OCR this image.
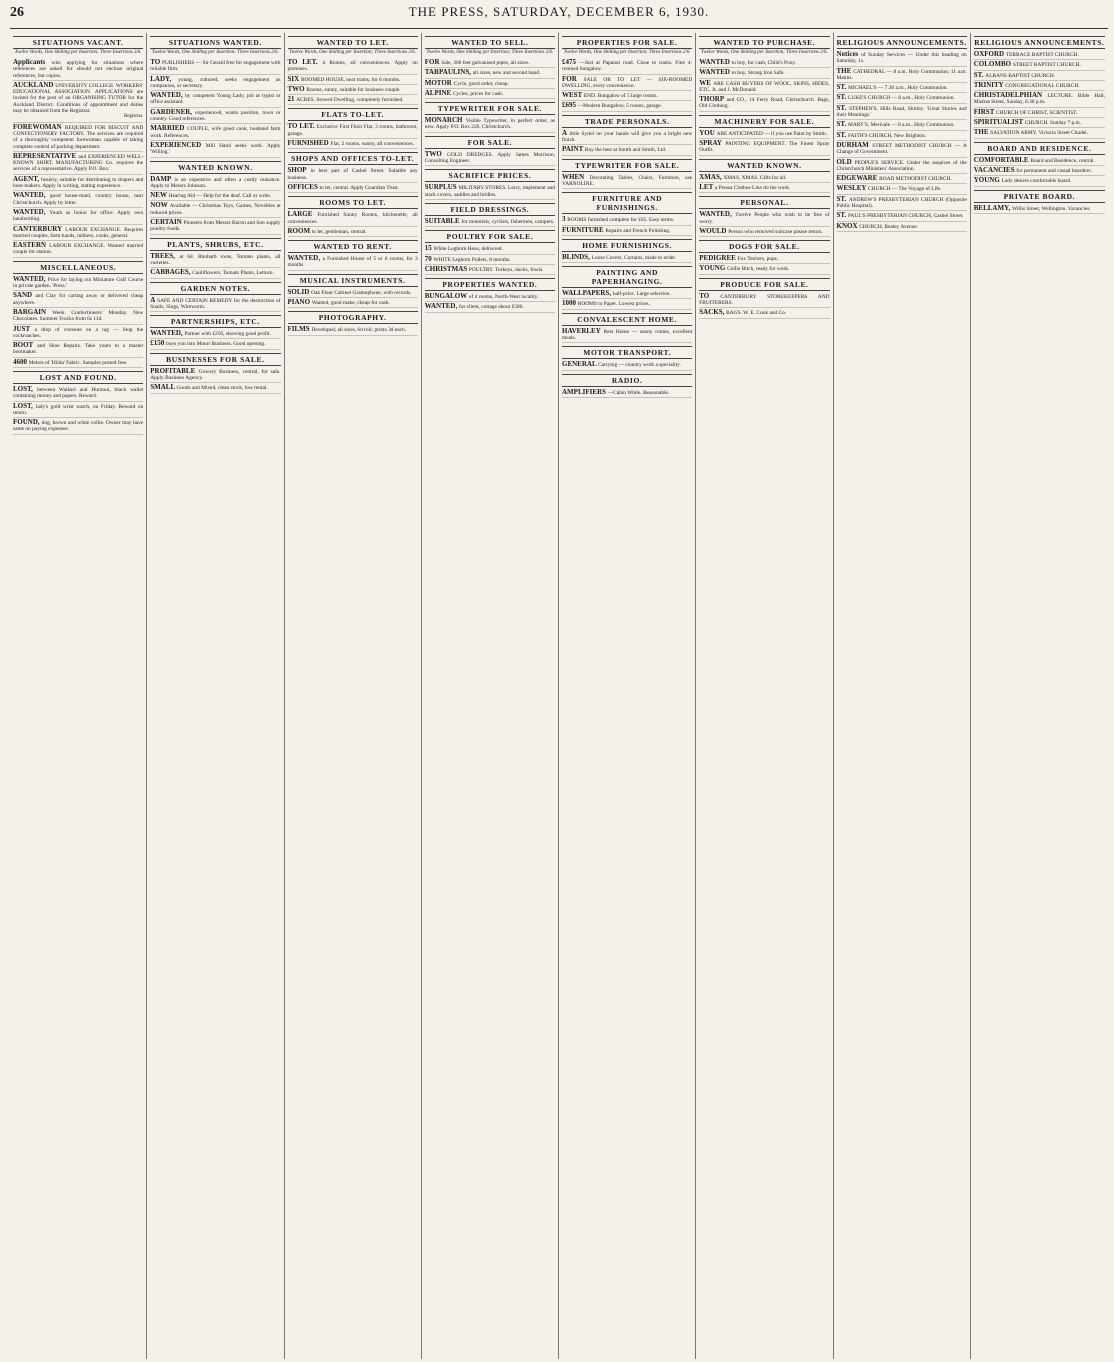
26	THE PRESS, SATURDAY, DECEMBER 6, 1930.
SITUATIONS VACANT.
Twelve Words, One Shilling per Insertion; Three Insertions 2/6.

Applicants who applying for situations where references are asked for should not enclose original references, but copies.

AUCKLAND UNIVERSITY COLLEGE. WORKERS' EDUCATIONAL ASSOCIATION. APPLICATIONS are invited for the post of an ORGANISING TUTOR for the Auckland District. Conditions of appointment and duties may be obtained from the Registrar.
Registrar.

FOREWOMAN REQUIRED FOR BISCUIT AND CONFECTIONERY FACTORY. The services are required of a thoroughly competent forewoman capable of taking complete control of packing department.

REPRESENTATIVE and EXPERIENCED WELL-KNOWN SHIRT, MANUFACTURING Co. requires the services of a representative. Apply P.O. Box.

AGENT, hosiery, suitable for distributing to drapers and boot-makers. Apply in writing, stating experience.

WANTED, good house-maid, country house, near Christchurch. Apply by letter.

WANTED, Youth as Junior for office. Apply own handwriting.

CANTERBURY LABOUR EXCHANGE. Requires married couples, farm hands, milkers, cooks, general.

EASTERN LABOUR EXCHANGE. Wanted married couple for station.

MISCELLANEOUS.

WANTED, Price for laying out Miniature Golf Course in private garden. 'Press.'

SAND and Clay for carting away or delivered cheap anywhere.

BARGAIN Week. Confectioners' Monday. New Chocolates. Summer Frocks from 6s 11d.

JUST a drop of creosote on a rag — Stop the cockroaches.

BOOT and Shoe Repairs. Take yours to a master bootmaker.

4600 Metres of 'Hilda' Fabric. Samples posted free.

LOST AND FOUND.

LOST, between Waikari and Hurunui, black wallet containing money and papers. Reward.

LOST, lady's gold wrist watch, on Friday. Reward on return.

FOUND, dog, brown and white collie. Owner may have same on paying expenses.

SITUATIONS WANTED.
Twelve Words, One Shilling per Insertion; Three Insertions 2/6.

TO PUBLISHERS — Sir Gerald free for engagement with reliable firm.

LADY, young, cultured, seeks engagement as companion, or secretary.

WANTED, by competent Young Lady, job as typist or office assistant.

GARDENER, experienced, wants position, town or country. Good references.

MARRIED COUPLE, wife good cook, husband farm work. References.

EXPERIENCED Mill Hand seeks work. Apply 'Willing.'

WANTED KNOWN.

DAMP is an expensive and often a costly nuisance. Apply to Messrs Johnson.

NEW Hearing Aid — Help for the deaf. Call or write.

NOW Available — Christmas Toys, Games, Novelties at reduced prices.

CERTAIN Pioneers from Messrs Bacon and Son supply poultry foods.

PLANTS, SHRUBS, ETC.

TREES, at 6d. Rhubarb roots, Tomato plants, all varieties.

CABBAGES, Cauliflowers, Tomato Plants, Lettuce.

GARDEN NOTES.

A SAFE AND CERTAIN REMEDY for the destruction of Snails, Slugs, Wireworm.

PARTNERSHIPS, ETC.

WANTED, Partner with £250, showing good profit.

£150 buys you into Motor Business. Good opening.

BUSINESSES FOR SALE.

PROFITABLE Grocery Business, central, for sale. Apply Business Agency.

SMALL Goods and Mixed, clean stock, low rental.

WANTED TO LET.
Twelve Words, One Shilling per Insertion; Three Insertions 2/6.

TO LET. 4 Rooms, all conveniences. Apply on premises.

SIX ROOMED HOUSE, near trams, for 6 months.

TWO Rooms, sunny, suitable for business couple.

21 ACRES, Stowed Dwelling, completely furnished.

FLATS TO-LET.

TO LET. Exclusive First Floor Flat, 3 rooms, bathroom, garage.

FURNISHED Flat, 2 rooms, sunny, all conveniences.

SHOPS AND OFFICES TO-LET.

SHOP in best part of Cashel Street. Suitable any business.

OFFICES to let, central. Apply Guardian Trust.

ROOMS TO LET.

LARGE Furnished Sunny Rooms, kitchenette, all conveniences.

ROOM to let, gentleman, central.

WANTED TO RENT.

WANTED, a Furnished House of 5 or 6 rooms, for 3 months.

MUSICAL INSTRUMENTS.

SOLID Oak Floor Cabinet Gramophone, with records.

PIANO Wanted, good make, cheap for cash.

PHOTOGRAPHY.

FILMS Developed, all sizes, 6d roll; prints 3d each.

WANTED TO SELL.
Twelve Words, One Shilling per Insertion; Three Insertions 2/6.

FOR Sale, 300 feet galvanised pipes, all sizes.

TARPAULINS, all sizes, new and second hand.

MOTOR Cycle, good order, cheap.

ALPINE Cycles, prices for cash.

TYPEWRITER FOR SALE.

MONARCH Visible Typewriter, in perfect order, as new. Apply P.O. Box 226, Christchurch.

FOR SALE.

TWO GOLD DREDGES. Apply James Morrison, Consulting Engineer.

SACRIFICE PRICES.

SURPLUS MILITARY STORES. Lorry, implement and stack covers, saddles and bridles.

FIELD DRESSINGS.

SUITABLE for motorists, cyclists, fishermen, campers.

POULTRY FOR SALE.

15 White Leghorn Hens, delivered.

70 WHITE Leghorn Pullets, 8 months.

CHRISTMAS POULTRY. Turkeys, ducks, fowls.

PROPERTIES WANTED.

BUNGALOW of 4 rooms, North-West locality.

WANTED, for client, cottage about £500.

PROPERTIES FOR SALE.
Twelve Words, One Shilling per Insertion; Three Insertions 2/6.

£475 —Just at Papanui road. Close to trams. Fine 4-roomed bungalow.

FOR SALE OR TO LET — SIX-ROOMED DWELLING, every convenience.

WEST END. Bungalow of 5 large rooms.

£695 —Modern Bungalow, 5 rooms, garage.

TRADE PERSONALS.

A little Sydol on your hands will give you a bright new finish.

PAINT Buy the best at Smith and Smith, Ltd.

TYPEWRITER FOR SALE.

WHEN Decorating Tables, Chairs, Furniture, use VARNOLINE.

FURNITURE AND FURNISHINGS.

3 ROOMS furnished complete for £65. Easy terms.

FURNITURE Repairs and French Polishing.

HOME FURNISHINGS.

BLINDS, Loose Covers, Curtains, made to order.

PAINTING AND PAPERHANGING.

WALLPAPERS, half-price. Large selection.

1000 ROOMS to Paper. Lowest prices.

CONVALESCENT HOME.

HAVERLEY Rest Home — sunny rooms, excellent meals.

MOTOR TRANSPORT.

GENERAL Carrying — country work a speciality.

RADIO.

AMPLIFIERS —Cabin White. Reasonable.

WANTED TO PURCHASE.
Twelve Words, One Shilling per Insertion; Three Insertions 2/6.

WANTED to buy, for cash, Child's Pony.

WANTED to buy, Strong Iron Safe.

WE ARE CASH BUYERS OF WOOL, SKINS, HIDES, ETC. A. and J. McDonald.

THORP and CO., 14 Ferry Road, Christchurch. Bags, Old Clothing.

MACHINERY FOR SALE.

YOU ARE ANTICIPATED — if you use Paint by Smith.

SPRAY PAINTING EQUIPMENT. The Finest Spray Outfit.

WANTED KNOWN.

XMAS, XMAS, XMAS. Gifts for all.

LET a Pressa Clothes-Line do the work.

PERSONAL.

WANTED, Twelve People who wish to be free of worry.

WOULD Person who removed suitcase please return.

DOGS FOR SALE.

PEDIGREE Fox Terriers, pups.

YOUNG Collie Bitch, ready for work.

PRODUCE FOR SALE.

TO CANTERBURY STOREKEEPERS AND FRUITERERS.

SACKS, BAGS. W. E. Cook and Co.

RELIGIOUS ANNOUNCEMENTS.

Notices of Sunday Services — Under this heading on Saturday, 1s.

THE CATHEDRAL — 8 a.m. Holy Communion; 11 a.m. Matins.

ST. MICHAEL'S — 7.30 a.m., Holy Communion.

ST. LUKE'S CHURCH — 8 a.m., Holy Communion.

ST. STEPHEN'S, Hills Road, Shirley. 'Great Stories and their Meanings.'

ST. MARY'S, Merivale — 8 a.m., Holy Communion.

ST. FAITH'S CHURCH, New Brighton.

DURHAM STREET METHODIST CHURCH — A Change of Government.

OLD PEOPLE'S SERVICE. Under the auspices of the Christchurch Ministers' Association.

EDGEWARE ROAD METHODIST CHURCH.

WESLEY CHURCH — The Voyage of Life.

ST. ANDREW'S PRESBYTERIAN CHURCH (Opposite Public Hospital).

ST. PAUL'S PRESBYTERIAN CHURCH, Cashel Street.

KNOX CHURCH, Bealey Avenue.

RELIGIOUS ANNOUNCEMENTS.

OXFORD TERRACE BAPTIST CHURCH.

COLOMBO STREET BAPTIST CHURCH.

ST. ALBANS BAPTIST CHURCH.

TRINITY CONGREGATIONAL CHURCH.

CHRISTADELPHIAN LECTURE. Bible Hall, Madras Street, Sunday, 6.30 p.m.

FIRST CHURCH OF CHRIST, SCIENTIST.

SPIRITUALIST CHURCH. Sunday 7 p.m.

THE SALVATION ARMY. Victoria Street Citadel.

BOARD AND RESIDENCE.

COMFORTABLE Board and Residence, central.

VACANCIES for permanent and casual boarders.

YOUNG Lady desires comfortable board.

PRIVATE BOARD.

BELLAMY, Willis Street, Wellington. Vacancies.
